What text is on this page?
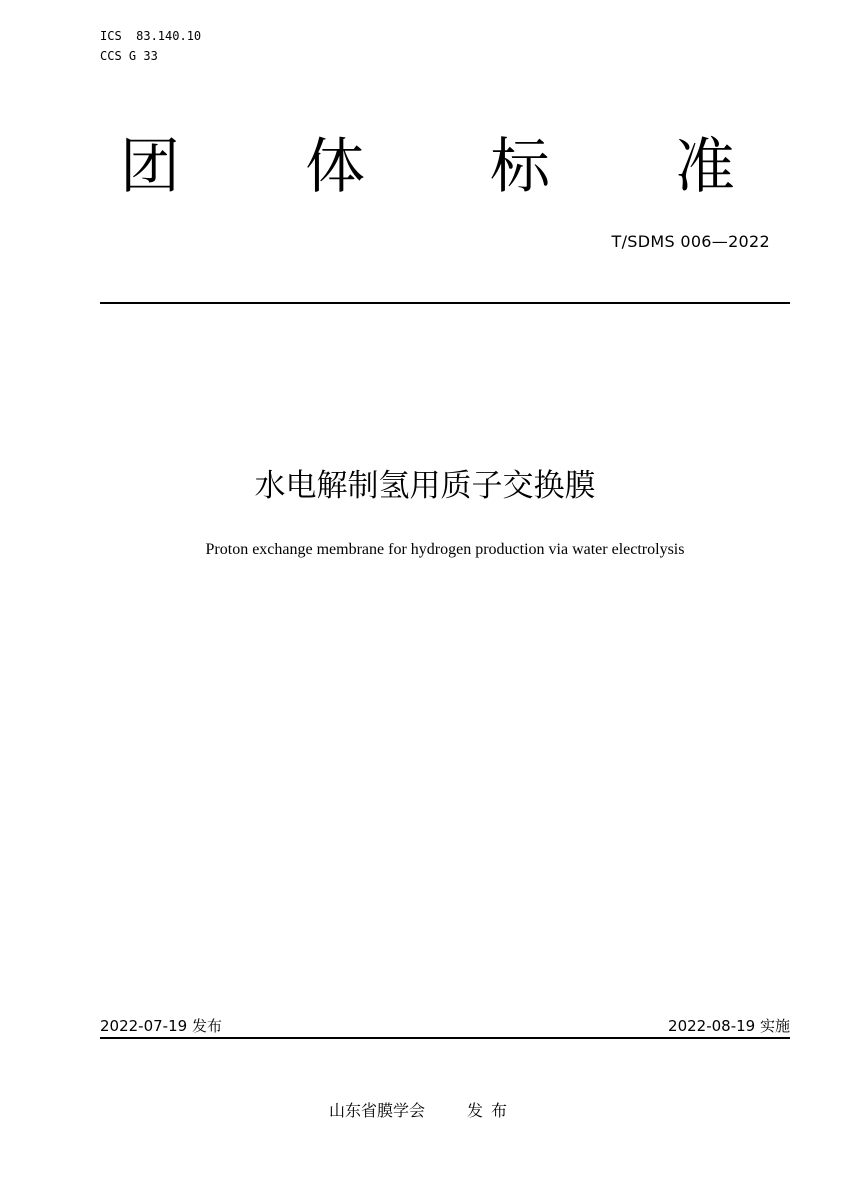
ICS  83.140.10
CCS G 33
团 体 标 准
T/SDMS 006—2022
水电解制氢用质子交换膜
Proton exchange membrane for hydrogen production via water electrolysis
2022-07-19 发布	2022-08-19 实施
山东省膜学会	发布
